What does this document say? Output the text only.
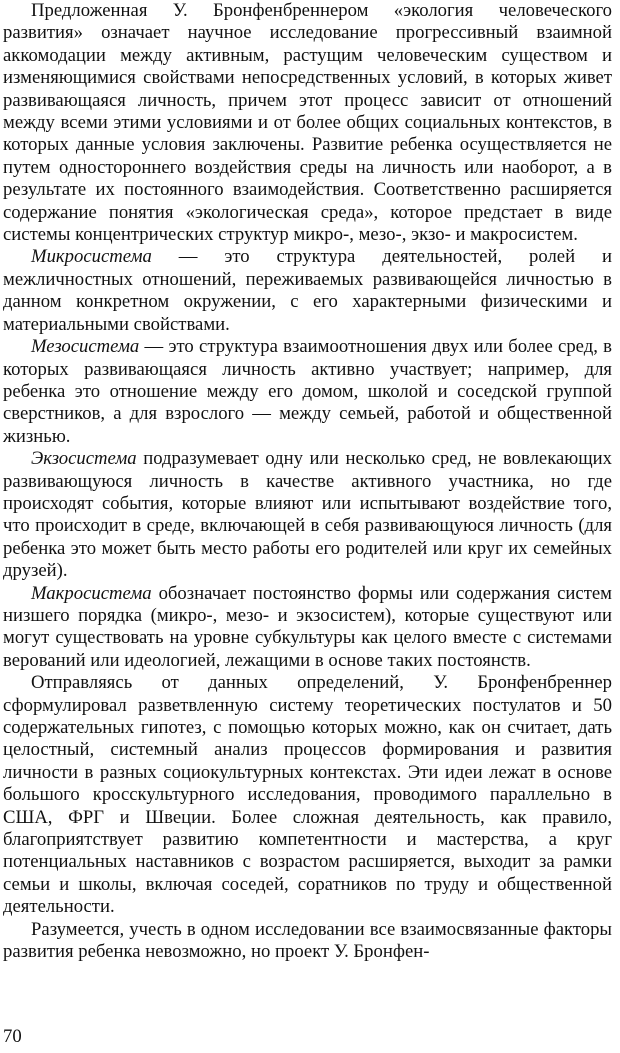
Предложенная У. Бронфенбреннером «экология человеческого развития» означает научное исследование прогрессивный взаимной аккомодации между активным, растущим человеческим существом и изменяющимися свойствами непосредственных условий, в которых живет развивающаяся личность, причем этот процесс зависит от отношений между всеми этими условиями и от более общих социальных контекстов, в которых данные условия заключены. Развитие ребенка осуществляется не путем одностороннего воздействия среды на личность или наоборот, а в результате их постоянного взаимодействия. Соответственно расширяется содержание понятия «экологическая среда», которое предстает в виде системы концентрических структур микро-, мезо-, экзо- и макросистем.

Микросистема — это структура деятельностей, ролей и межличностных отношений, переживаемых развивающейся личностью в данном конкретном окружении, с его характерными физическими и материальными свойствами.

Мезосистема — это структура взаимоотношения двух или более сред, в которых развивающаяся личность активно участвует; например, для ребенка это отношение между его домом, школой и соседской группой сверстников, а для взрослого — между семьей, работой и общественной жизнью.

Экзосистема подразумевает одну или несколько сред, не вовлекающих развивающуюся личность в качестве активного участника, но где происходят события, которые влияют или испытывают воздействие того, что происходит в среде, включающей в себя развивающуюся личность (для ребенка это может быть место работы его родителей или круг их семейных друзей).

Макросистема обозначает постоянство формы или содержания систем низшего порядка (микро-, мезо- и экзосистем), которые существуют или могут существовать на уровне субкультуры как целого вместе с системами верований или идеологией, лежащими в основе таких постоянств.

Отправляясь от данных определений, У. Бронфенбреннер сформулировал разветвленную систему теоретических постулатов и 50 содержательных гипотез, с помощью которых можно, как он считает, дать целостный, системный анализ процессов формирования и развития личности в разных социокультурных контекстах. Эти идеи лежат в основе большого кросскультурного исследования, проводимого параллельно в США, ФРГ и Швеции. Более сложная деятельность, как правило, благоприятствует развитию компетентности и мастерства, а круг потенциальных наставников с возрастом расширяется, выходит за рамки семьи и школы, включая соседей, соратников по труду и общественной деятельности.

Разумеется, учесть в одном исследовании все взаимосвязанные факторы развития ребенка невозможно, но проект У. Бронфен-

70
